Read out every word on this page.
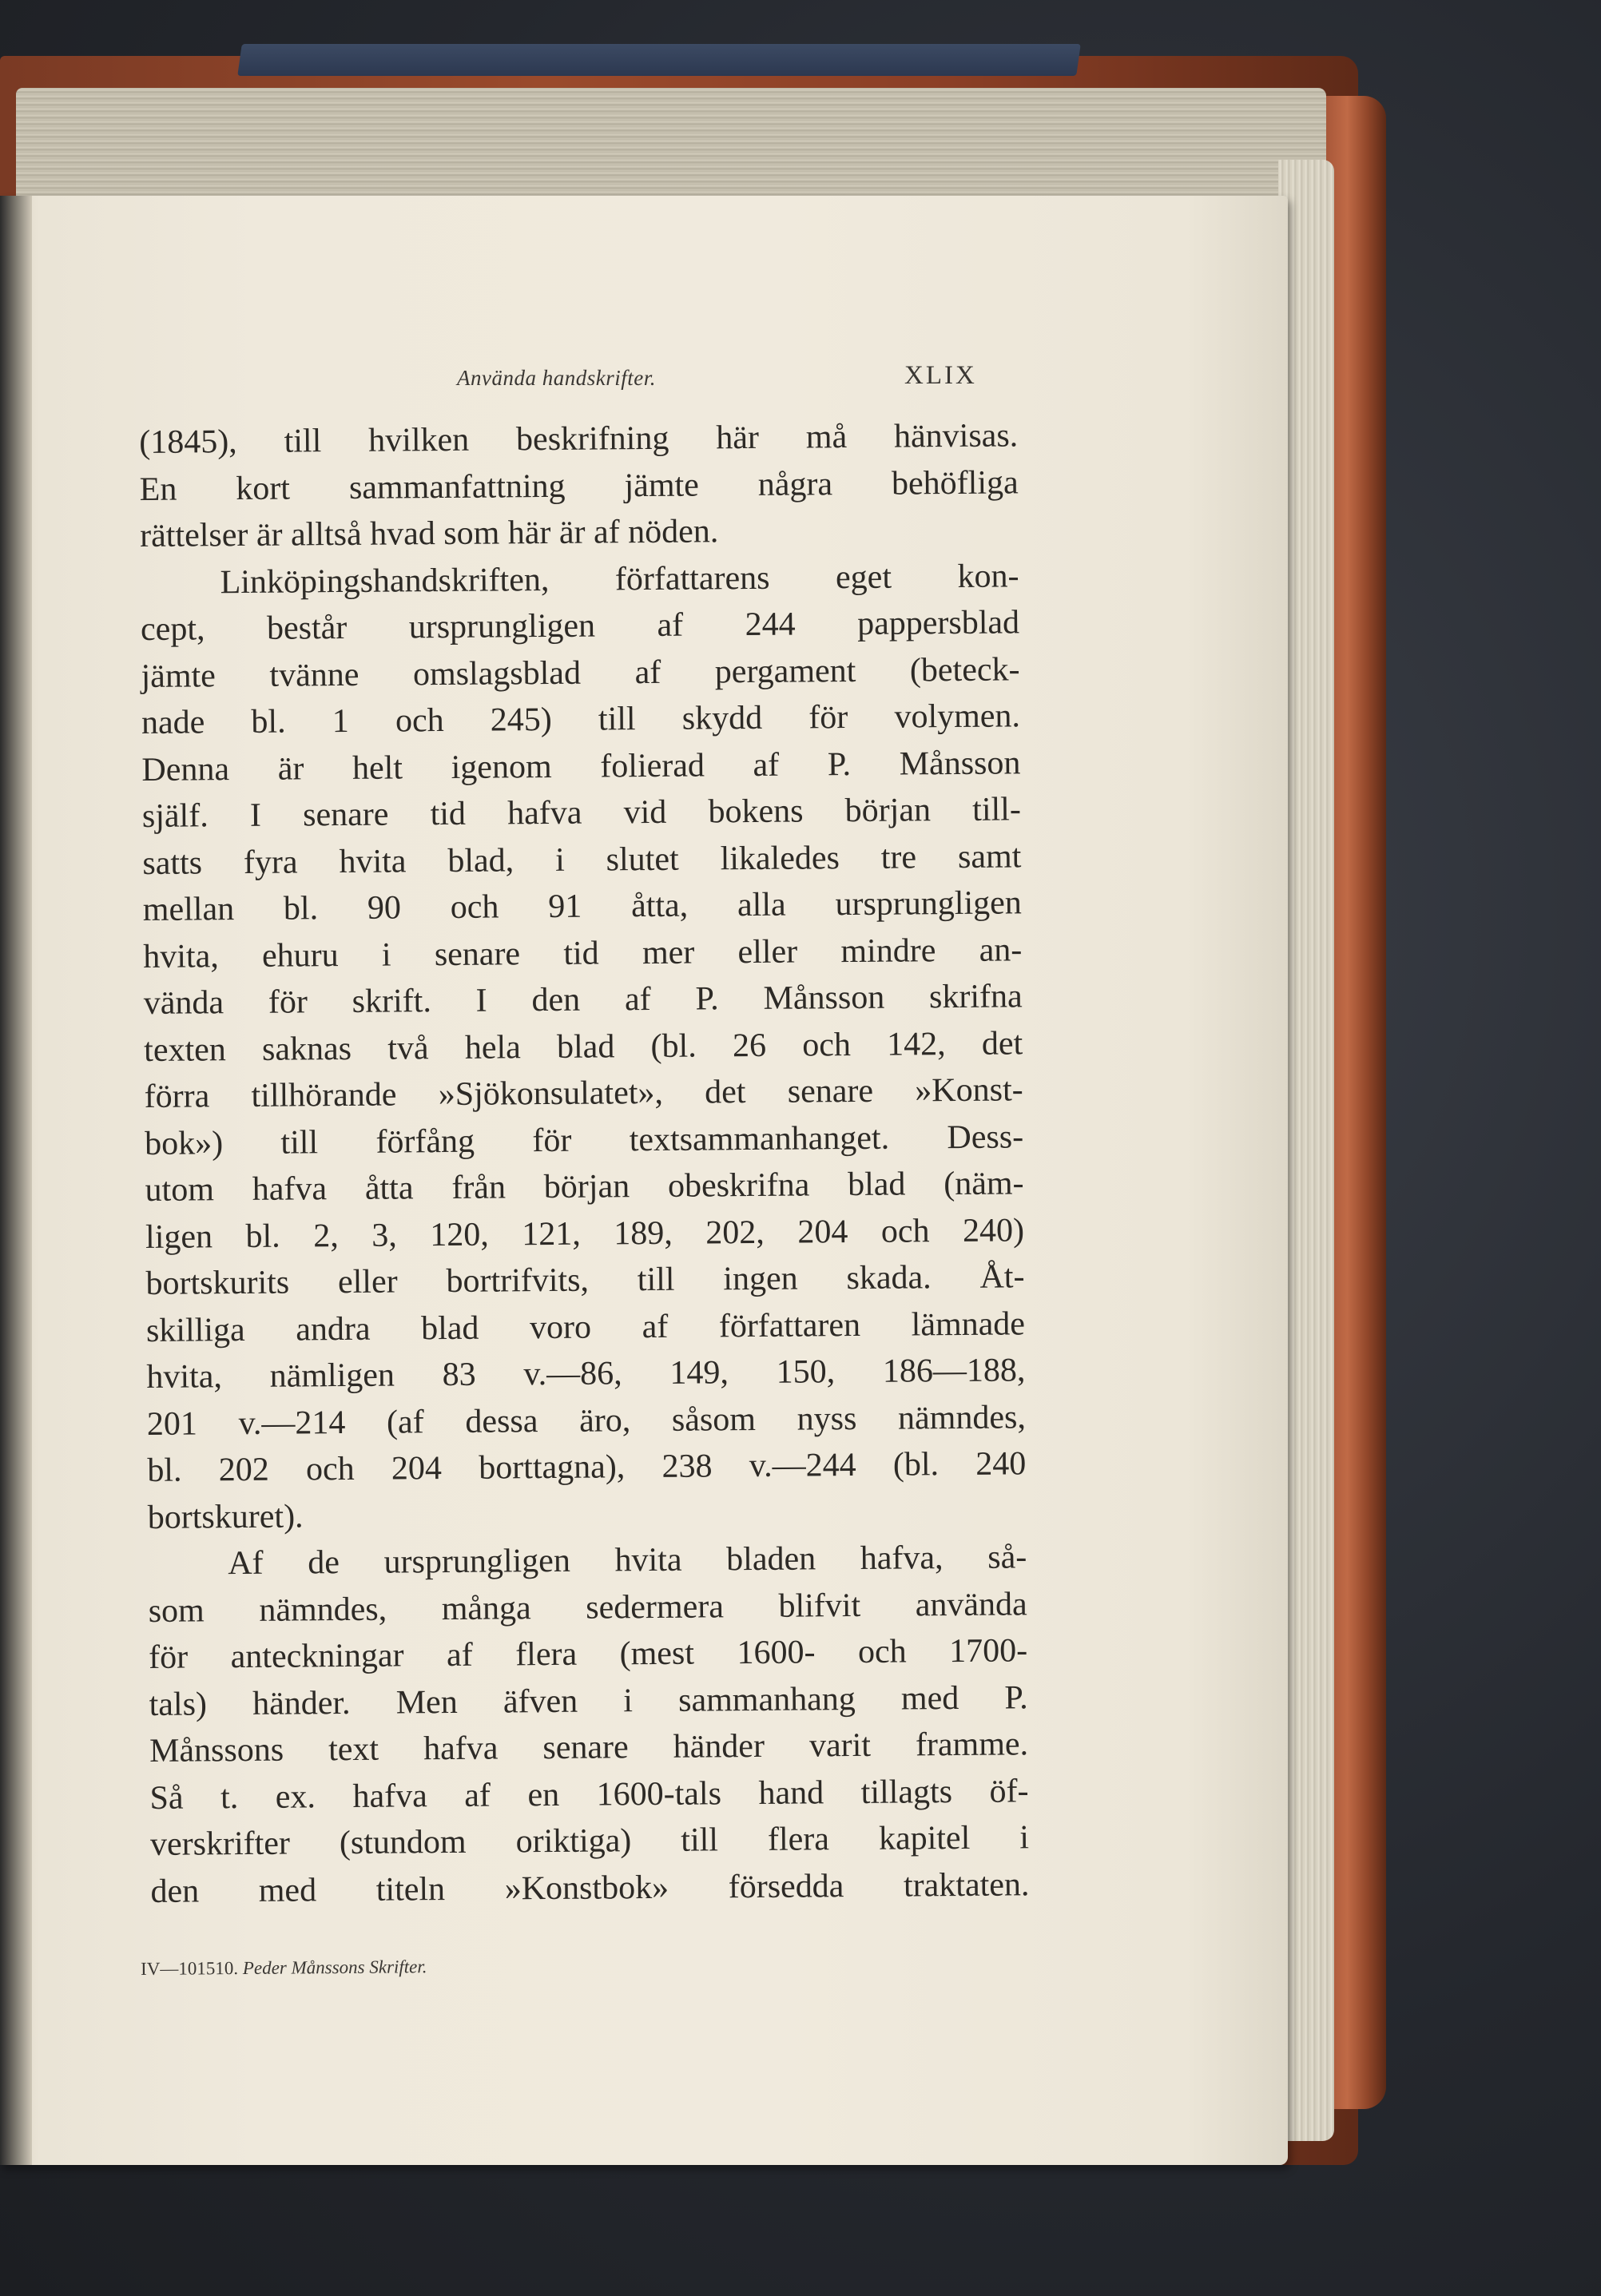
Använda handskrifter.	XLIX
(1845), till hvilken beskrifning här må hänvisas.
En kort sammanfattning jämte några behöfliga
rättelser är alltså hvad som här är af nöden.
Linköpingshandskriften, författarens eget kon-
cept, består ursprungligen af 244 pappersblad
jämte tvänne omslagsblad af pergament (beteck-
nade bl. 1 och 245) till skydd för volymen.
Denna är helt igenom folierad af P. Månsson
själf. I senare tid hafva vid bokens början till-
satts fyra hvita blad, i slutet likaledes tre samt
mellan bl. 90 och 91 åtta, alla ursprungligen
hvita, ehuru i senare tid mer eller mindre an-
vända för skrift. I den af P. Månsson skrifna
texten saknas två hela blad (bl. 26 och 142, det
förra tillhörande »Sjökonsulatet», det senare »Konst-
bok») till förfång för textsammanhanget. Dess-
utom hafva åtta från början obeskrifna blad (näm-
ligen bl. 2, 3, 120, 121, 189, 202, 204 och 240)
bortskurits eller bortrifvits, till ingen skada. Åt-
skilliga andra blad voro af författaren lämnade
hvita, nämligen 83 v.—86, 149, 150, 186—188,
201 v.—214 (af dessa äro, såsom nyss nämndes,
bl. 202 och 204 borttagna), 238 v.—244 (bl. 240
bortskuret).
Af de ursprungligen hvita bladen hafva, så-
som nämndes, många sedermera blifvit använda
för anteckningar af flera (mest 1600- och 1700-
tals) händer. Men äfven i sammanhang med P.
Månssons text hafva senare händer varit framme.
Så t. ex. hafva af en 1600-tals hand tillagts öf-
verskrifter (stundom oriktiga) till flera kapitel i
den med titeln »Konstbok» försedda traktaten.
IV—101510. Peder Månssons Skrifter.
